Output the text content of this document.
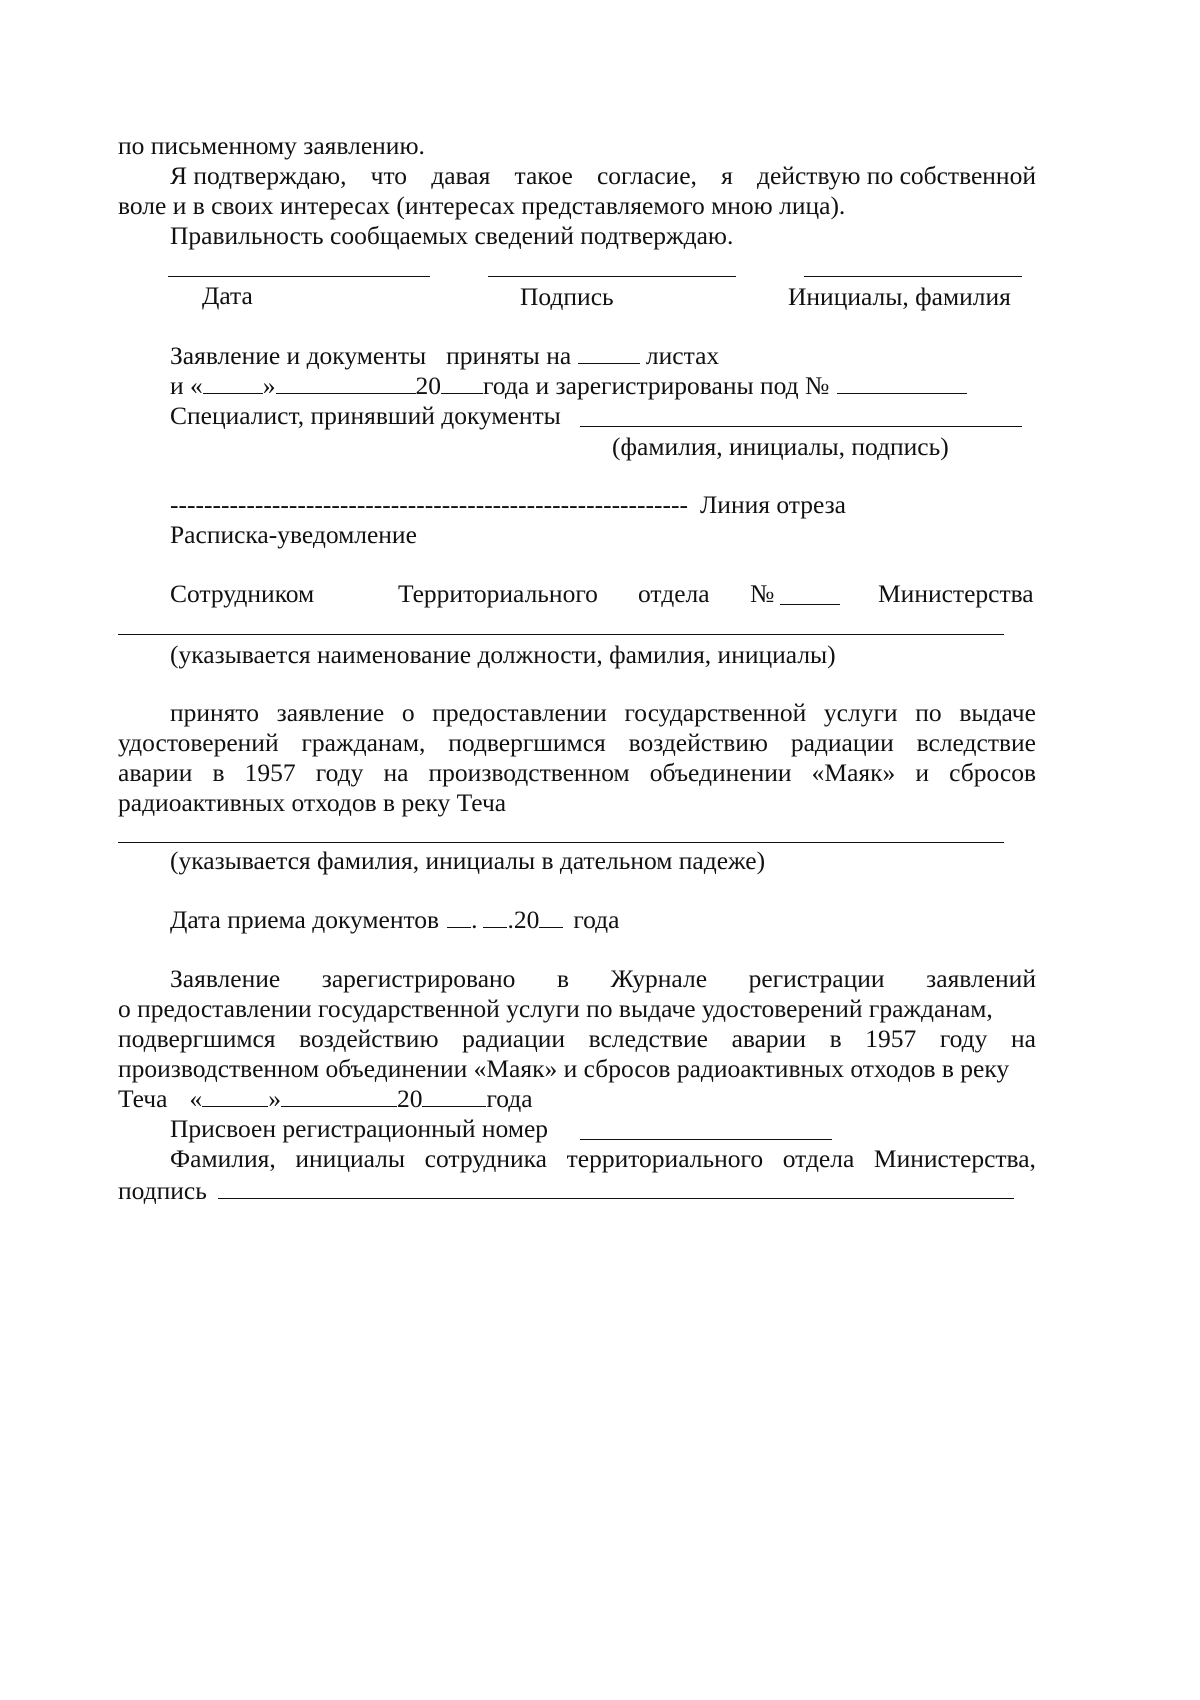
по письменному заявлению.
Я подтверждаю, что давая такое согласие, я действую по собственной
воле и в своих интересах (интересах представляемого мною лица).
Правильность сообщаемых сведений подтверждаю.
Дата	Подпись	Инициалы, фамилия
Заявление и документы приняты на	листах
и « »	20 года и зарегистрированы под №
Специалист, принявший документы
(фамилия, инициалы, подпись)
------------------------------------------------------------- Линия отреза
Расписка-уведомление
Сотрудником	Территориального отдела №	Министерства
(указывается наименование должности, фамилия, инициалы)
принято заявление о предоставлении государственной услуги по выдаче
удостоверений гражданам, подвергшимся воздействию радиации вследствие
аварии в 1957 году на производственном объединении «Маяк» и сбросов
радиоактивных отходов в реку Теча
(указывается фамилия, инициалы в дательном падеже)
Дата приема документов . .20 года
Заявление зарегистрировано в Журнале регистрации заявлений
о предоставлении государственной услуги по выдаче удостоверений гражданам,
подвергшимся воздействию радиации вследствие аварии в 1957 году на
производственном объединении «Маяк» и сбросов радиоактивных отходов в реку
Теча «	»	20	года
Присвоен регистрационный номер
Фамилия, инициалы сотрудника территориального отдела Министерства,
подпись
